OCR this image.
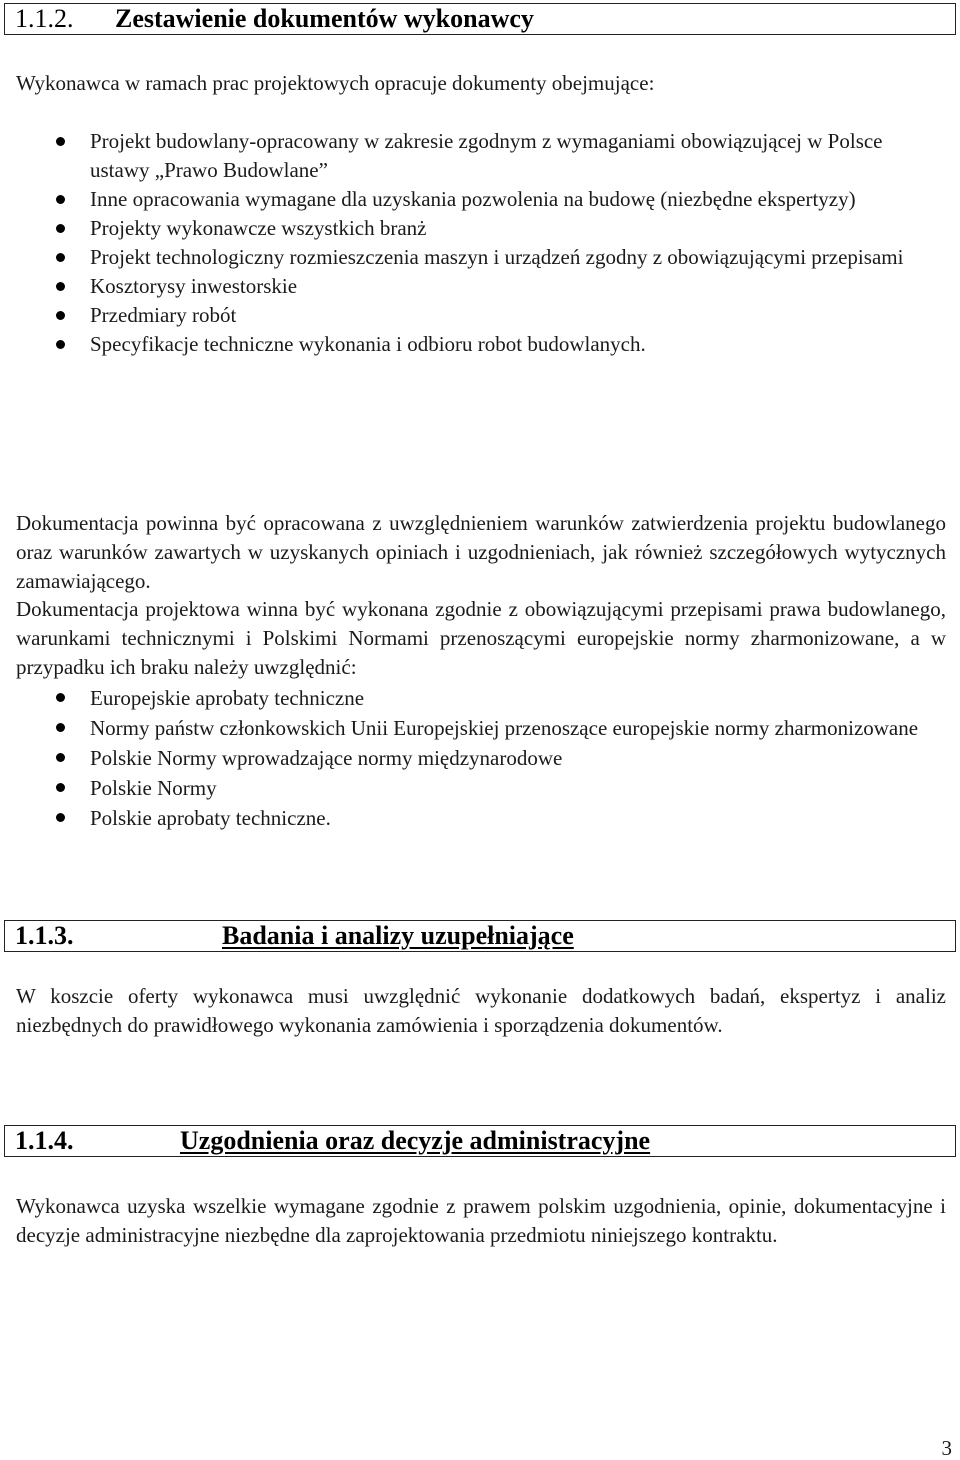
1.1.2. Zestawienie dokumentów wykonawcy

Wykonawca w ramach prac projektowych opracuje dokumenty obejmujące:

Projekt budowlany-opracowany w zakresie zgodnym z wymaganiami obowiązującej w Polsce ustawy „Prawo Budowlane”
Inne opracowania wymagane dla uzyskania pozwolenia na budowę (niezbędne ekspertyzy)
Projekty wykonawcze wszystkich branż
Projekt technologiczny rozmieszczenia maszyn i urządzeń zgodny z obowiązującymi przepisami
Kosztorysy inwestorskie
Przedmiary robót
Specyfikacje techniczne wykonania i odbioru robot budowlanych.

Dokumentacja powinna być opracowana z uwzględnieniem warunków zatwierdzenia projektu budowlanego oraz warunków zawartych w uzyskanych opiniach i uzgodnieniach, jak również szczegółowych wytycznych zamawiającego.

Dokumentacja projektowa winna być wykonana zgodnie z obowiązującymi przepisami prawa budowlanego, warunkami technicznymi i Polskimi Normami przenoszącymi europejskie normy zharmonizowane, a w przypadku ich braku należy uwzględnić:

Europejskie aprobaty techniczne
Normy państw członkowskich Unii Europejskiej przenoszące europejskie normy zharmonizowane
Polskie Normy wprowadzające normy międzynarodowe
Polskie Normy
Polskie aprobaty techniczne.
1.1.3.	Badania i analizy uzupełniające

W koszcie oferty wykonawca musi uwzględnić wykonanie dodatkowych badań, ekspertyz i analiz niezbędnych do prawidłowego wykonania zamówienia i sporządzenia dokumentów.

1.1.4.	Uzgodnienia oraz decyzje administracyjne

Wykonawca uzyska wszelkie wymagane zgodnie z prawem polskim uzgodnienia, opinie, dokumentacyjne i decyzje administracyjne niezbędne dla zaprojektowania przedmiotu niniejszego kontraktu.

3
